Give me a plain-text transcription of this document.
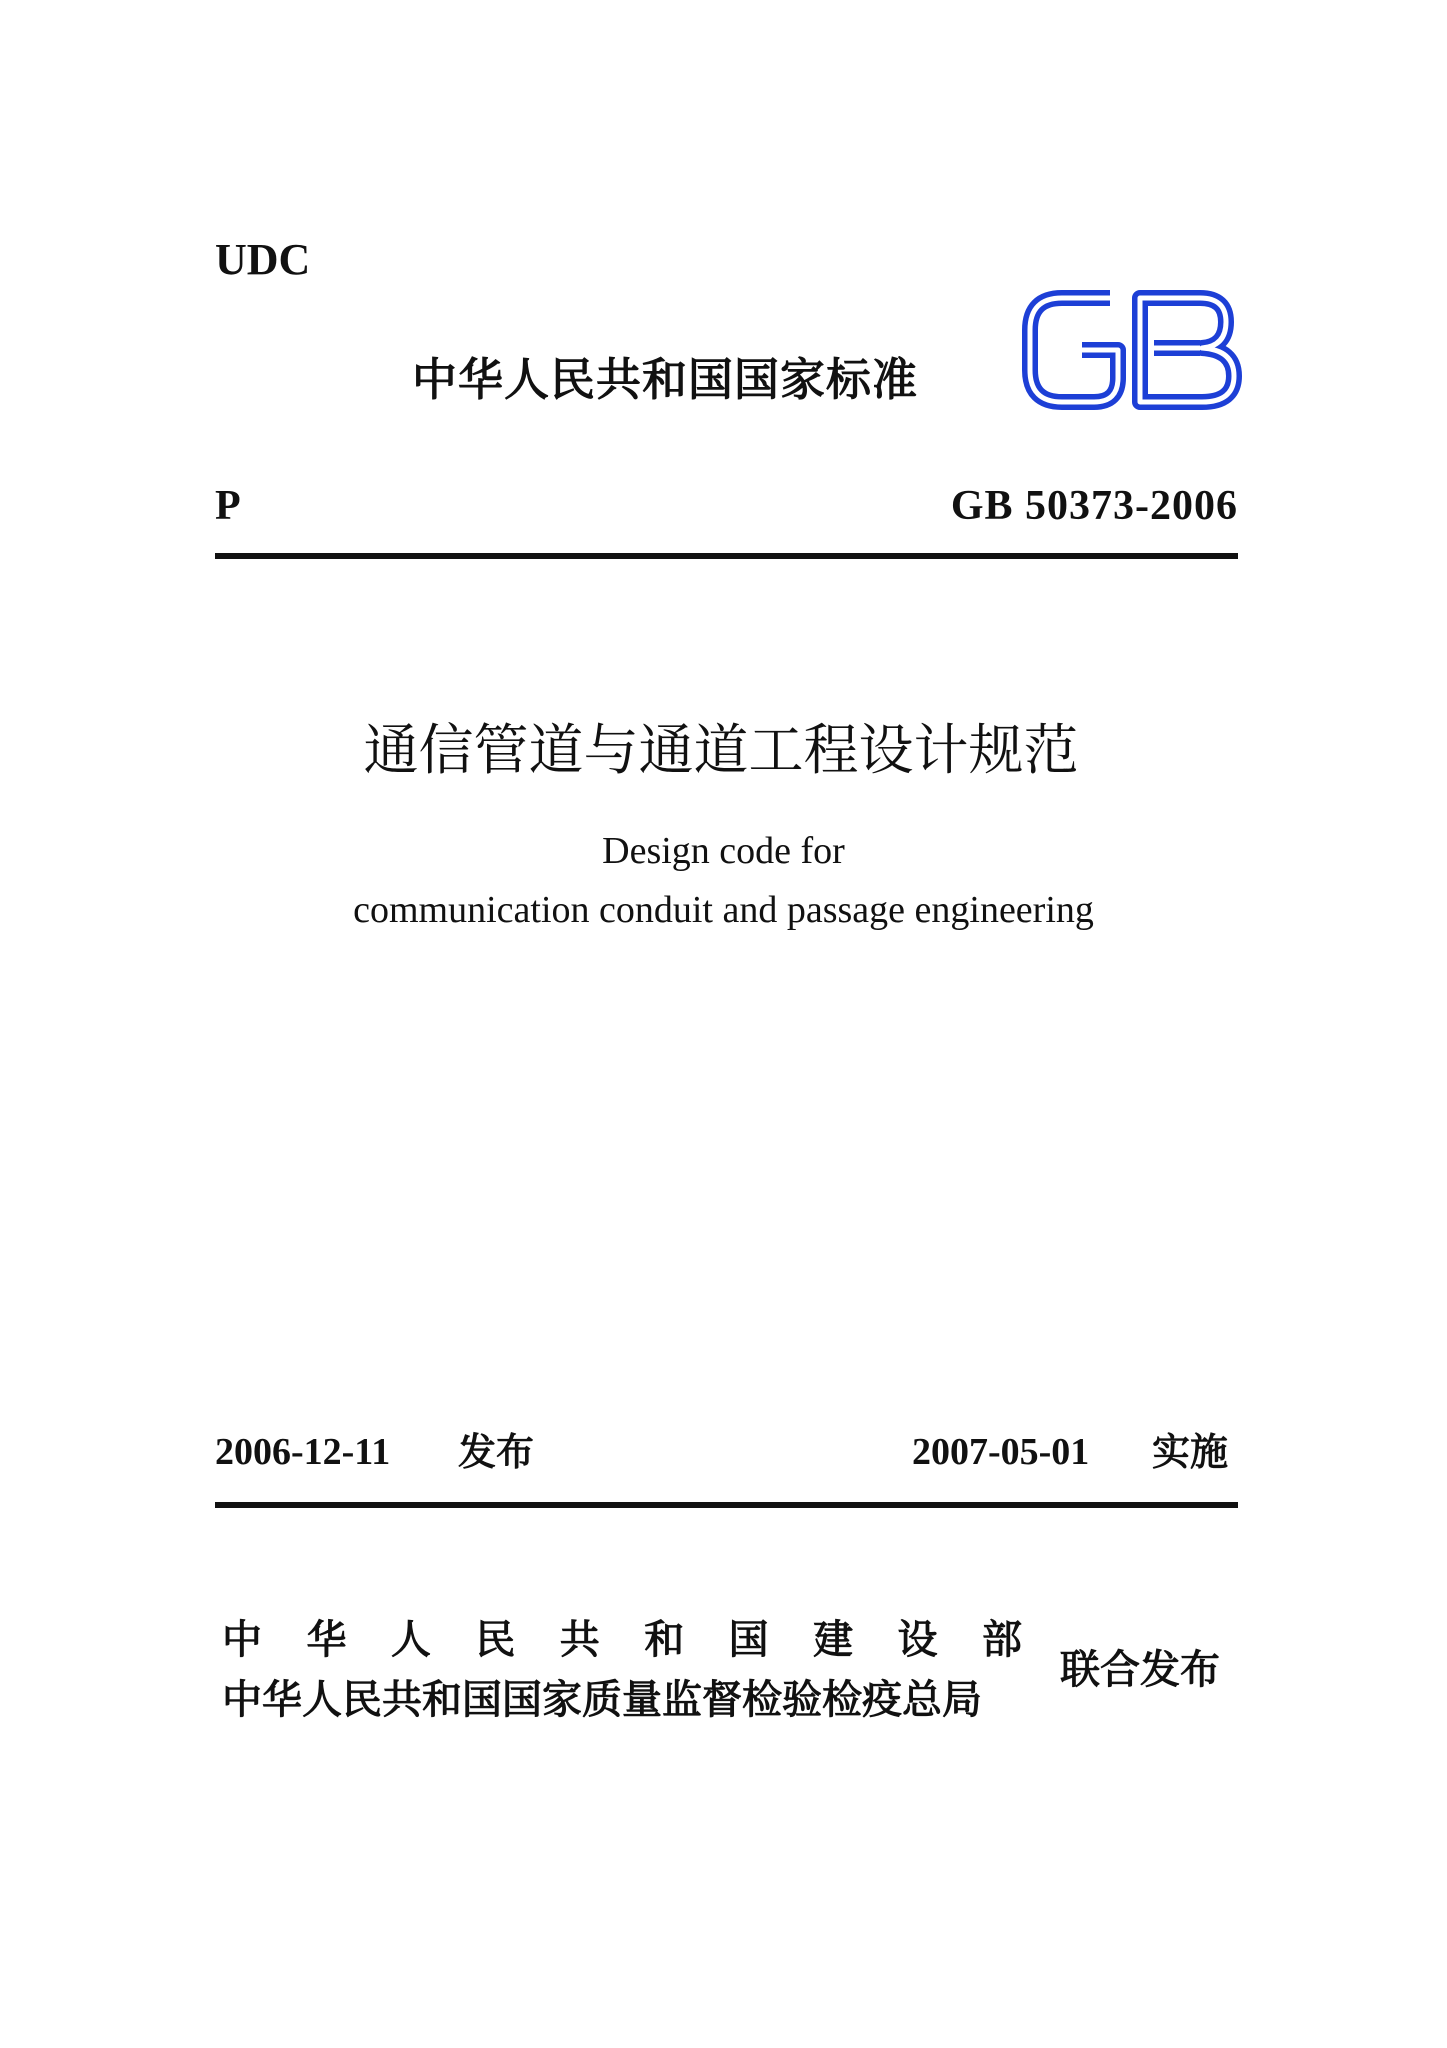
UDC
中华人民共和国国家标准
P	GB 50373-2006
通信管道与通道工程设计规范
Design code for
communication conduit and passage engineering
2006-12-11 发布	2007-05-01 实施
中 华 人 民 共 和 国 建 设 部
中华人民共和国国家质量监督检验检疫总局
联合发布
